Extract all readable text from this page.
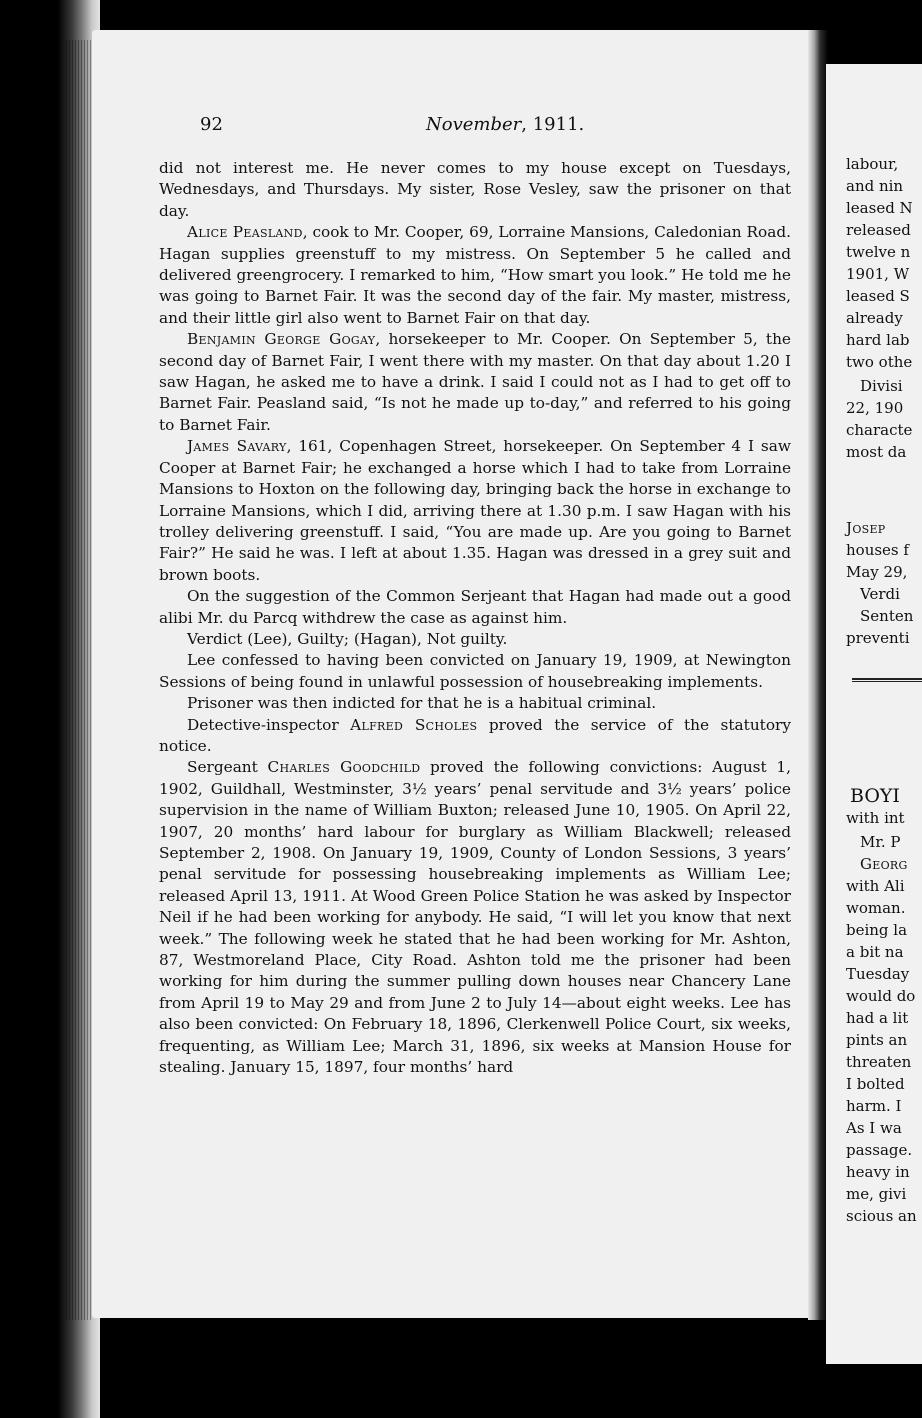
92	November, 1911.

did not interest me. He never comes to my house except on Tuesdays, Wednesdays, and Thursdays. My sister, Rose Vesley, saw the prisoner on that day.

Alice Peasland, cook to Mr. Cooper, 69, Lorraine Mansions, Caledonian Road. Hagan supplies greenstuff to my mistress. On September 5 he called and delivered greengrocery. I remarked to him, “How smart you look.” He told me he was going to Barnet Fair. It was the second day of the fair. My master, mistress, and their little girl also went to Barnet Fair on that day.

Benjamin George Gogay, horsekeeper to Mr. Cooper. On September 5, the second day of Barnet Fair, I went there with my master. On that day about 1.20 I saw Hagan, he asked me to have a drink. I said I could not as I had to get off to Barnet Fair. Peasland said, “Is not he made up to-day,” and referred to his going to Barnet Fair.

James Savary, 161, Copenhagen Street, horsekeeper. On September 4 I saw Cooper at Barnet Fair; he exchanged a horse which I had to take from Lorraine Mansions to Hoxton on the following day, bringing back the horse in exchange to Lorraine Mansions, which I did, arriving there at 1.30 p.m. I saw Hagan with his trolley delivering greenstuff. I said, “You are made up. Are you going to Barnet Fair?” He said he was. I left at about 1.35. Hagan was dressed in a grey suit and brown boots.

On the suggestion of the Common Serjeant that Hagan had made out a good alibi Mr. du Parcq withdrew the case as against him.

Verdict (Lee), Guilty; (Hagan), Not guilty.

Lee confessed to having been convicted on January 19, 1909, at Newington Sessions of being found in unlawful possession of housebreaking implements.

Prisoner was then indicted for that he is a habitual criminal.

Detective-inspector Alfred Scholes proved the service of the statutory notice.

Sergeant Charles Goodchild proved the following convictions: August 1, 1902, Guildhall, Westminster, 3½ years’ penal servitude and 3½ years’ police supervision in the name of William Buxton; released June 10, 1905. On April 22, 1907, 20 months’ hard labour for burglary as William Blackwell; released September 2, 1908. On January 19, 1909, County of London Sessions, 3 years’ penal servitude for possessing housebreaking implements as William Lee; released April 13, 1911. At Wood Green Police Station he was asked by Inspector Neil if he had been working for anybody. He said, “I will let you know that next week.” The following week he stated that he had been working for Mr. Ashton, 87, Westmoreland Place, City Road. Ashton told me the prisoner had been working for him during the summer pulling down houses near Chancery Lane from April 19 to May 29 and from June 2 to July 14—about eight weeks. Lee has also been convicted: On February 18, 1896, Clerkenwell Police Court, six weeks, frequenting, as William Lee; March 31, 1896, six weeks at Mansion House for stealing. January 15, 1897, four months’ hard

labour,
and nin
leased N
released
twelve n
1901, W
leased S
already
hard lab
two othe
Divisi
22, 190
characte
most da
Josep
houses f
May 29,
Verdi
Senten
preventi
BOYI
with int
Mr. P
Georg
with Ali
woman.
being la
a bit na
Tuesday
would do
had a lit
pints an
threaten
I bolted
harm. I
As I wa
passage.
heavy in
me, givi
scious an
